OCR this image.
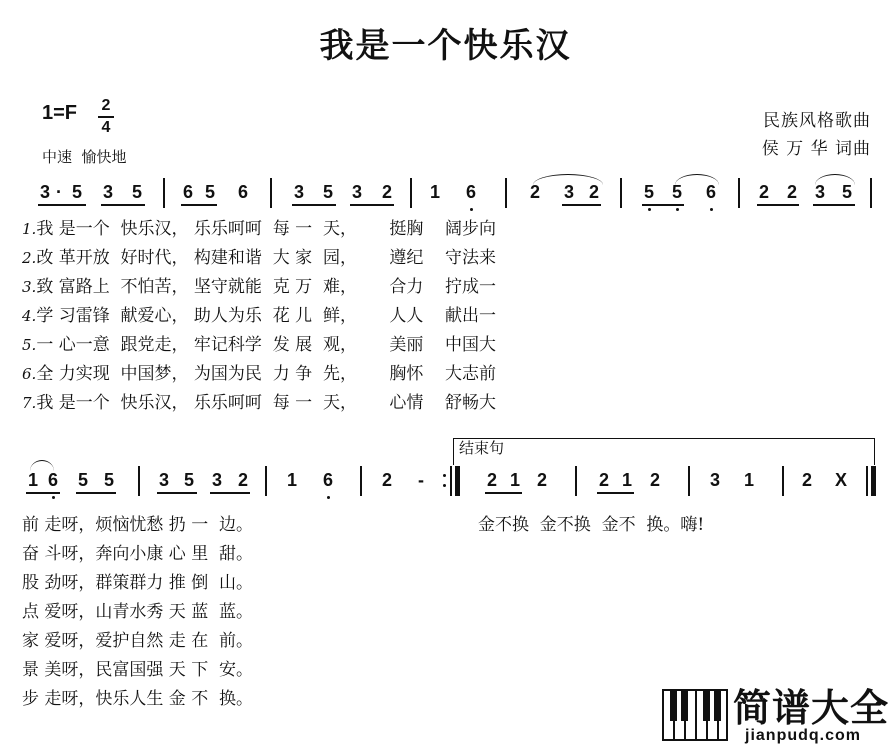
我是一个快乐汉
1=F 2
4
中速  愉快地
民族风格歌曲
侯 万 华 词曲
3 · 5 3 5 6 5 6	3 5 3 2 1 6	2 3 2 5 5 6 2 2 3 5
1.我 是一个  快乐汉， 乐乐呵呵  每 一  天，      挺胸    阔步向
2.改 革开放  好时代， 构建和谐  大 家  园，      遵纪    守法来
3.致 富路上  不怕苦， 坚守就能  克 万  难，      合力    拧成一
4.学 习雷锋  献爱心， 助人为乐  花 儿  鲜，      人人    献出一
5.一 心一意  跟党走， 牢记科学  发 展  观，      美丽    中国大
6.全 力实现  中国梦， 为国为民  力 争  先，      胸怀    大志前
7.我 是一个  快乐汉， 乐乐呵呵  每 一  天，      心情    舒畅大
结束句
1 6 5 5 3 5 3 2 1 6	2 -	2 1 2	2 1 2	3 1	2 X
前 走呀，烦恼忧愁 扔 一  边。
奋 斗呀，奔向小康 心 里  甜。
股 劲呀，群策群力 推 倒  山。
点 爱呀，山青水秀 天 蓝  蓝。
家 爱呀，爱护自然 走 在  前。
景 美呀，民富国强 天 下  安。
步 走呀，快乐人生 金 不  换。
金不换  金不换  金不  换。嗨!
简谱大全
jianpudq.com
